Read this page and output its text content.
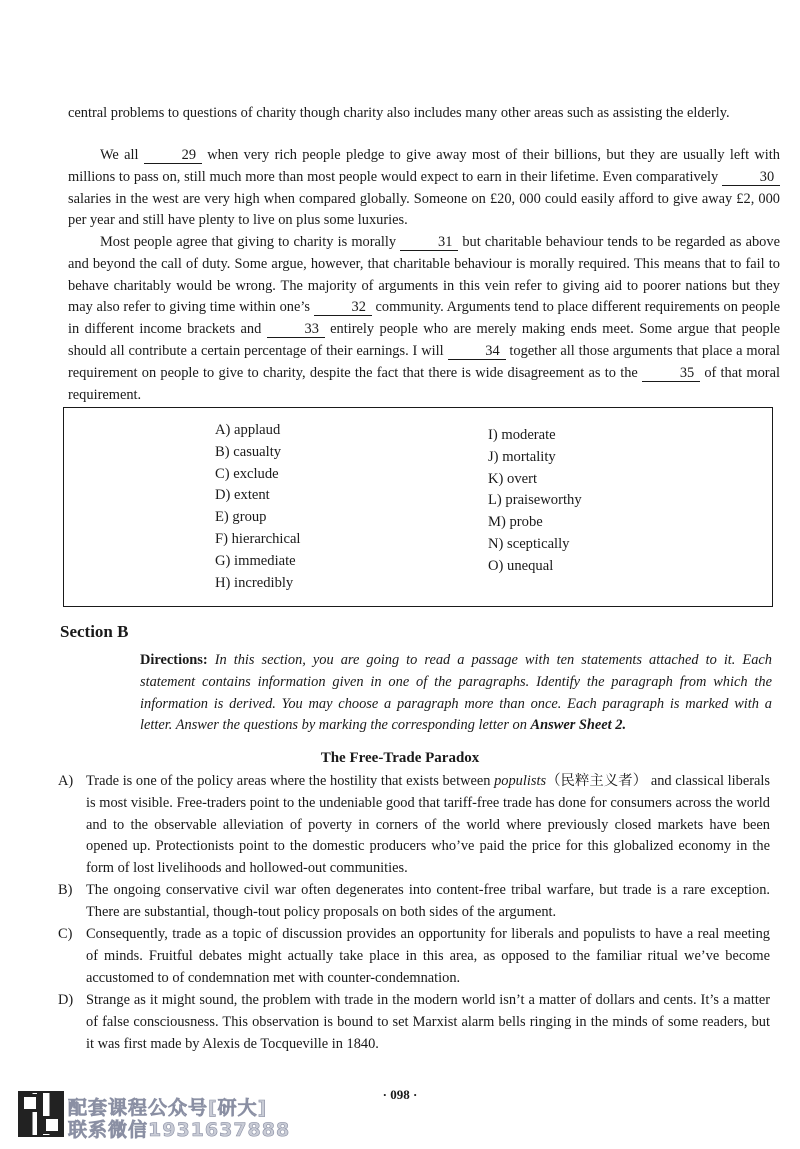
central problems to questions of charity though charity also includes many other areas such as assisting the elderly.

We all	29 when very rich people pledge to give away most of their billions, but they are usually left with millions to pass on, still much more than most people would expect to earn in their lifetime. Even comparatively	30 salaries in the west are very high when compared globally. Someone on £20, 000 could easily afford to give away £2, 000 per year and still have plenty to live on plus some luxuries.

Most people agree that giving to charity is morally	31 but charitable behaviour tends to be regarded as above and beyond the call of duty. Some argue, however, that charitable behaviour is morally required. This means that to fail to behave charitably would be wrong. The majority of arguments in this vein refer to giving aid to poorer nations but they may also refer to giving time within one’s	32 community. Arguments tend to place different requirements on people in different income brackets and	33 entirely people who are merely making ends meet. Some argue that people should all contribute a certain percentage of their earnings. I will	34 together all those arguments that place a moral requirement on people to give to charity, despite the fact that there is wide disagreement as to the	35 of that moral requirement.

A) applaud
B) casualty
C) exclude
D) extent
E) group
F) hierarchical
G) immediate
H) incredibly
I) moderate
J) mortality
K) overt
L) praiseworthy
M) probe
N) sceptically
O) unequal
Section B

Directions: In this section, you are going to read a passage with ten statements attached to it. Each statement contains information given in one of the paragraphs. Identify the paragraph from which the information is derived. You may choose a paragraph more than once. Each paragraph is marked with a letter. Answer the questions by marking the corresponding letter on Answer Sheet 2.

The Free-Trade Paradox

A) Trade is one of the policy areas where the hostility that exists between populists（民粹主义者） and classical liberals is most visible. Free-traders point to the undeniable good that tariff-free trade has done for consumers across the world and to the observable alleviation of poverty in corners of the world where previously closed markets have been opened up. Protectionists point to the domestic producers who’ve paid the price for this globalized economy in the form of lost livelihoods and hollowed-out communities.

B) The ongoing conservative civil war often degenerates into content-free tribal warfare, but trade is a rare exception. There are substantial, though-tout policy proposals on both sides of the argument.

C) Consequently, trade as a topic of discussion provides an opportunity for liberals and populists to have a real meeting of minds. Fruitful debates might actually take place in this area, as opposed to the familiar ritual we’ve become accustomed to of condemnation met with counter-condemnation.

D) Strange as it might sound, the problem with trade in the modern world isn’t a matter of dollars and cents. It’s a matter of false consciousness. This observation is bound to set Marxist alarm bells ringing in the minds of some readers, but it was first made by Alexis de Tocqueville in 1840.

· 098 ·
配套课程公众号[研大]
联系微信1931637888
